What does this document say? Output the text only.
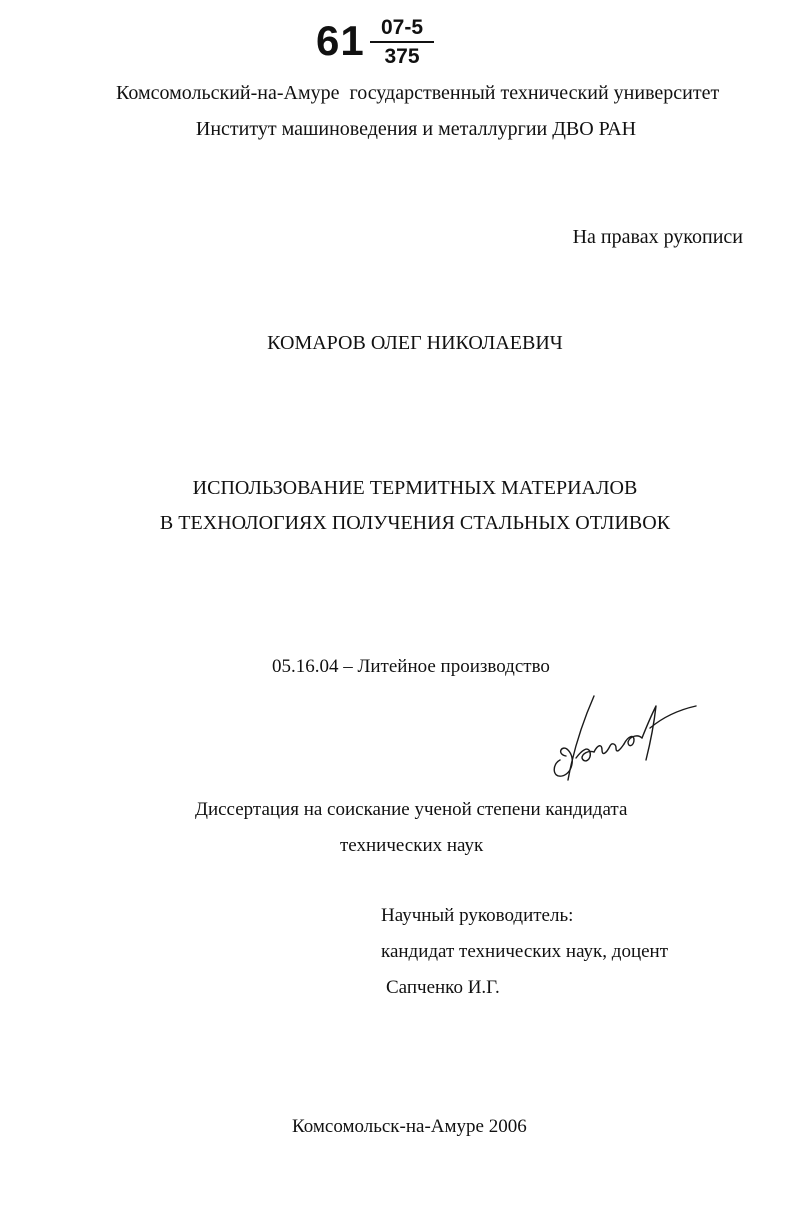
61 07-5
375
Комсомольский-на-Амуре  государственный технический университет
Институт машиноведения и металлургии ДВО РАН
На правах рукописи
КОМАРОВ ОЛЕГ НИКОЛАЕВИЧ
ИСПОЛЬЗОВАНИЕ ТЕРМИТНЫХ МАТЕРИАЛОВ
В ТЕХНОЛОГИЯХ ПОЛУЧЕНИЯ СТАЛЬНЫХ ОТЛИВОК
05.16.04 – Литейное производство
Диссертация на соискание ученой степени кандидата
технических наук
Научный руководитель:
кандидат технических наук, доцент
Сапченко И.Г.
Комсомольск-на-Амуре 2006
